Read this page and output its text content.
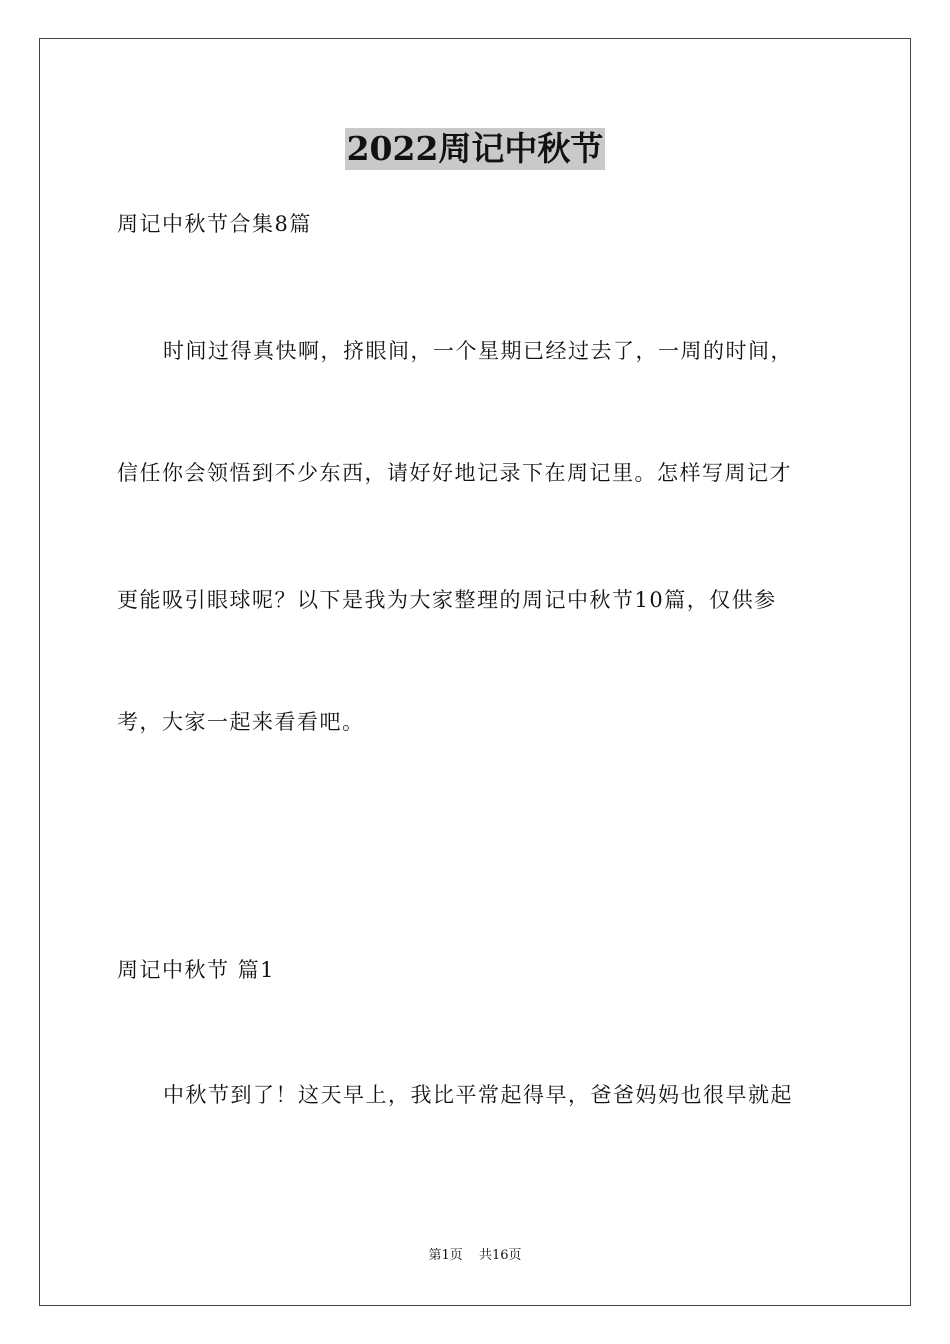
2022周记中秋节
周记中秋节合集8篇
时间过得真快啊，挤眼间，一个星期已经过去了，一周的时间，
信任你会领悟到不少东西，请好好地记录下在周记里。怎样写周记才
更能吸引眼球呢？以下是我为大家整理的周记中秋节10篇，仅供参
考，大家一起来看看吧。
周记中秋节 篇1
中秋节到了！这天早上，我比平常起得早，爸爸妈妈也很早就起
第1页 共16页
